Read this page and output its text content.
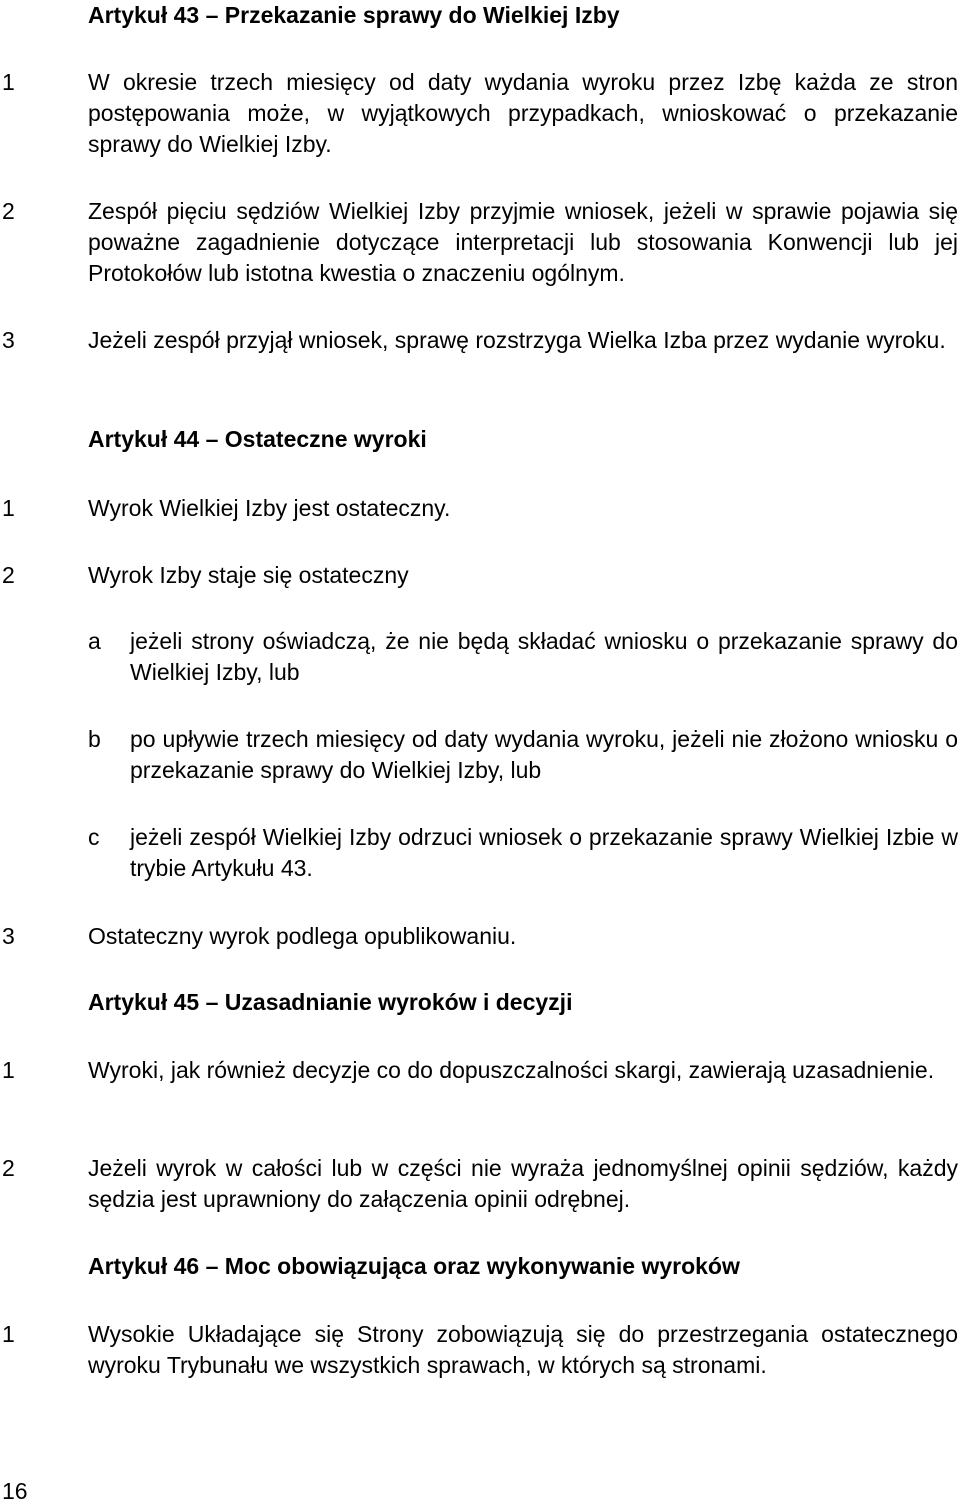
Artykuł 43 – Przekazanie sprawy do Wielkiej Izby
1	W okresie trzech miesięcy od daty wydania wyroku przez Izbę każda ze stron postępowania może, w wyjątkowych przypadkach, wnioskować o przekazanie sprawy do Wielkiej Izby.
2	Zespół pięciu sędziów Wielkiej Izby przyjmie wniosek, jeżeli w sprawie pojawia się poważne zagadnienie dotyczące interpretacji lub stosowania Konwencji lub jej Protokołów lub istotna kwestia o znaczeniu ogólnym.
3	Jeżeli zespół przyjął wniosek, sprawę rozstrzyga Wielka Izba przez wydanie wyroku.
Artykuł 44 – Ostateczne wyroki
1	Wyrok Wielkiej Izby jest ostateczny.
2	Wyrok Izby staje się ostateczny
a jeżeli strony oświadczą, że nie będą składać wniosku o przekazanie sprawy do Wielkiej Izby, lub
b po upływie trzech miesięcy od daty wydania wyroku, jeżeli nie złożono wniosku o przekazanie sprawy do Wielkiej Izby, lub
c jeżeli zespół Wielkiej Izby odrzuci wniosek o przekazanie sprawy Wielkiej Izbie w trybie Artykułu 43.
3	Ostateczny wyrok podlega opublikowaniu.
Artykuł 45 – Uzasadnianie wyroków i decyzji
1	Wyroki, jak również decyzje co do dopuszczalności skargi, zawierają uzasadnienie.
2	Jeżeli wyrok w całości lub w części nie wyraża jednomyślnej opinii sędziów, każdy sędzia jest uprawniony do załączenia opinii odrębnej.
Artykuł 46 – Moc obowiązująca oraz wykonywanie wyroków
1	Wysokie Układające się Strony zobowiązują się do przestrzegania ostatecznego wyroku Trybunału we wszystkich sprawach, w których są stronami.
16
